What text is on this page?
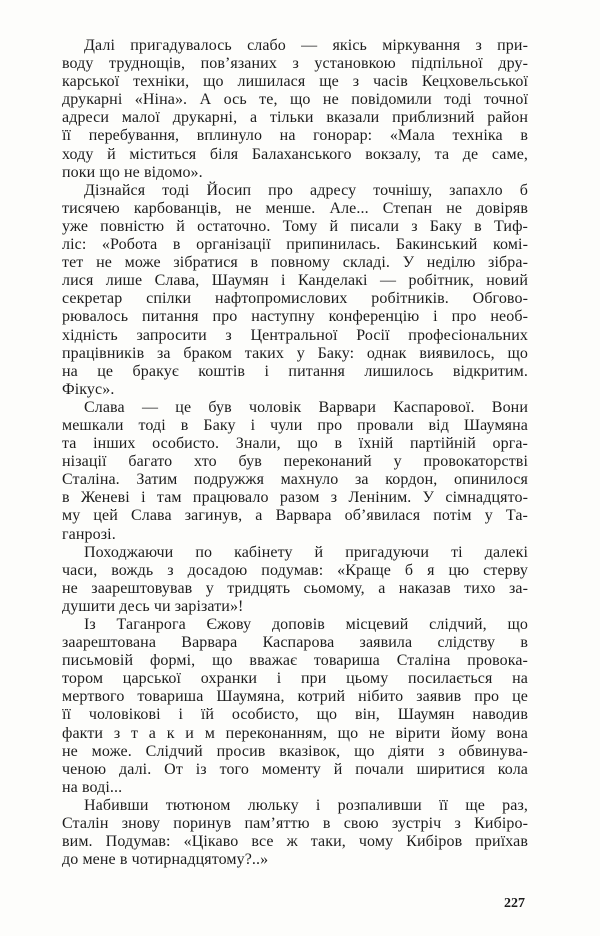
Далі пригадувалось слабо — якісь міркування з при-
воду труднощів, пов’язаних з установкою підпільної дру-
карської техніки, що лишилася ще з часів Кецховельської
друкарні «Ніна». А ось те, що не повідомили тоді точної
адреси малої друкарні, а тільки вказали приблизний район
її перебування, вплинуло на гонорар: «Мала техніка в
ходу й міститься біля Балаханського вокзалу, та де саме,
поки що не відомо».
Дізнайся тоді Йосип про адресу точнішу, запахло б
тисячею карбованців, не менше. Але... Степан не довіряв
уже повністю й остаточно. Тому й писали з Баку в Тиф-
ліс: «Робота в організації припинилась. Бакинський комі-
тет не може зібратися в повному складі. У неділю зібра-
лися лише Слава, Шаумян і Канделакі — робітник, новий
секретар спілки нафтопромислових робітників. Обгово-
рювалось питання про наступну конференцію і про необ-
хідність запросити з Центральної Росії професіональних
працівників за браком таких у Баку: однак виявилось, що
на це бракує коштів і питання лишилось відкритим.
Фікус».
Слава — це був чоловік Варвари Каспарової. Вони
мешкали тоді в Баку і чули про провали від Шаумяна
та інших особисто. Знали, що в їхній партійній орга-
нізації багато хто був переконаний у провокаторстві
Сталіна. Затим подружжя махнуло за кордон, опинилося
в Женеві і там працювало разом з Леніним. У сімнадцято-
му цей Слава загинув, а Варвара об’явилася потім у Та-
ганрозі.
Походжаючи по кабінету й пригадуючи ті далекі
часи, вождь з досадою подумав: «Краще б я цю стерву
не заарештовував у тридцять сьомому, а наказав тихо за-
душити десь чи зарізати»!
Із Таганрога Єжову доповів місцевий слідчий, що
заарештована Варвара Каспарова заявила слідству в
письмовій формі, що вважає товариша Сталіна провока-
тором царської охранки і при цьому посилається на
мертвого товариша Шаумяна, котрий нібито заявив про це
її чоловікові і їй особисто, що він, Шаумян наводив
факти з т а к и м переконанням, що не вірити йому вона
не може. Слідчий просив вказівок, що діяти з обвинува-
ченою далі. От із того моменту й почали ширитися кола
на воді...
Набивши тютюном люльку і розпаливши її ще раз,
Сталін знову поринув пам’яттю в свою зустріч з Кибіро-
вим. Подумав: «Цікаво все ж таки, чому Кибіров приїхав
до мене в чотирнадцятому?..»
227
